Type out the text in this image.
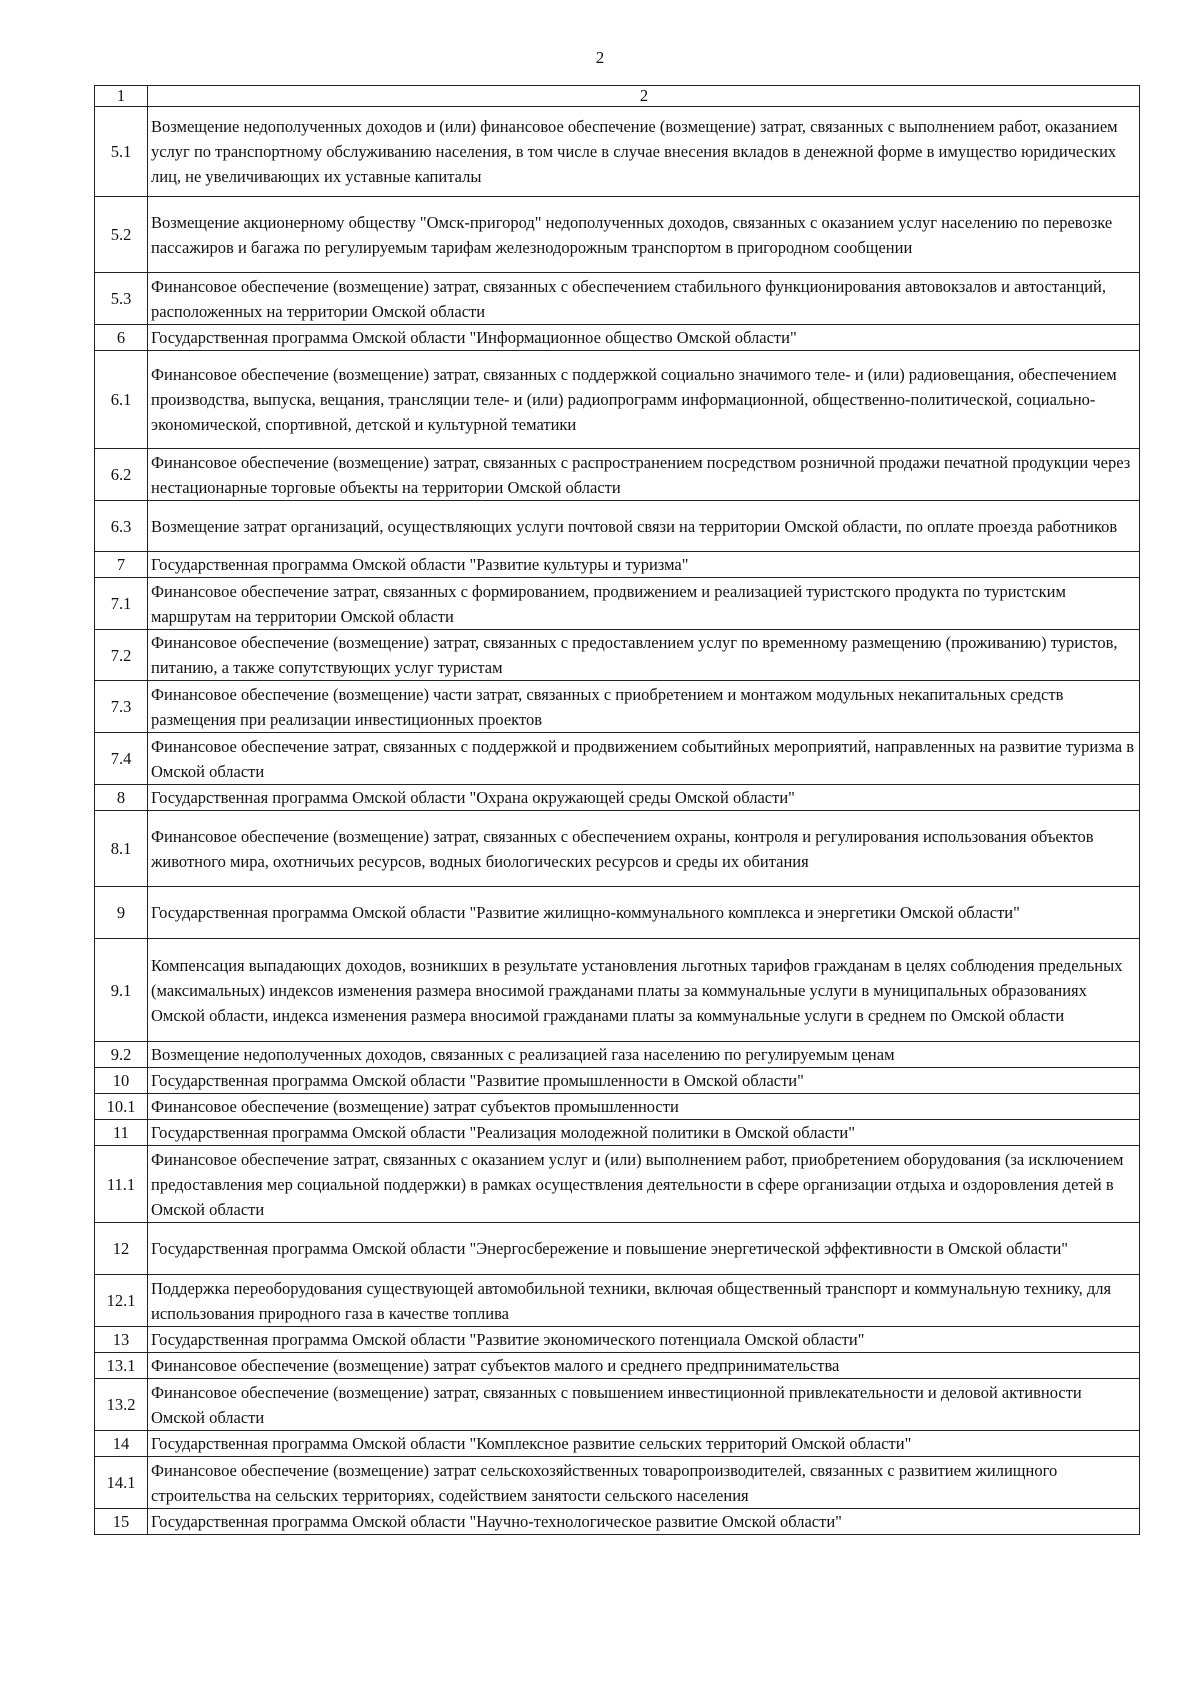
2
1	2
5.1	Возмещение недополученных доходов и (или) финансовое обеспечение (возмещение) затрат, связанных с выполнением работ, оказанием услуг по транспортному обслуживанию населения, в том числе в случае внесения вкладов в денежной форме в имущество юридических лиц, не увеличивающих их уставные капиталы
5.2	Возмещение акционерному обществу "Омск-пригород" недополученных доходов, связанных с оказанием услуг населению по перевозке пассажиров и багажа по регулируемым тарифам железнодорожным транспортом в пригородном сообщении
5.3	Финансовое обеспечение (возмещение) затрат, связанных с обеспечением стабильного функционирования автовокзалов и автостанций, расположенных на территории Омской области
6	Государственная программа Омской области "Информационное общество Омской области"
6.1	Финансовое обеспечение (возмещение) затрат, связанных с поддержкой социально значимого теле- и (или) радиовещания, обеспечением производства, выпуска, вещания, трансляции теле- и (или) радиопрограмм информационной, общественно-политической, социально-экономической, спортивной, детской и культурной тематики
6.2	Финансовое обеспечение (возмещение) затрат, связанных с распространением посредством розничной продажи печатной продукции через нестационарные торговые объекты на территории Омской области
6.3	Возмещение затрат организаций, осуществляющих услуги почтовой связи на территории Омской области, по оплате проезда работников
7	Государственная программа Омской области "Развитие культуры и туризма"
7.1	Финансовое обеспечение затрат, связанных с формированием, продвижением и реализацией туристского продукта по туристским маршрутам на территории Омской области
7.2	Финансовое обеспечение (возмещение) затрат, связанных с предоставлением услуг по временному размещению (проживанию) туристов, питанию, а также сопутствующих услуг туристам
7.3	Финансовое обеспечение (возмещение) части затрат, связанных с приобретением и монтажом модульных некапитальных средств размещения при реализации инвестиционных проектов
7.4	Финансовое обеспечение затрат, связанных с поддержкой и продвижением событийных мероприятий, направленных на развитие туризма в Омской области
8	Государственная программа Омской области "Охрана окружающей среды Омской области"
8.1	Финансовое обеспечение (возмещение) затрат, связанных с обеспечением охраны, контроля и регулирования использования объектов животного мира, охотничьих ресурсов, водных биологических ресурсов и среды их обитания
9	Государственная программа Омской области "Развитие жилищно-коммунального комплекса и энергетики Омской области"
9.1	Компенсация выпадающих доходов, возникших в результате установления льготных тарифов гражданам в целях соблюдения предельных (максимальных) индексов изменения размера вносимой гражданами платы за коммунальные услуги в муниципальных образованиях Омской области, индекса изменения размера вносимой гражданами платы за коммунальные услуги в среднем по Омской области
9.2	Возмещение недополученных доходов, связанных с реализацией газа населению по регулируемым ценам
10	Государственная программа Омской области "Развитие промышленности в Омской области"
10.1	Финансовое обеспечение (возмещение) затрат субъектов промышленности
11	Государственная программа Омской области "Реализация молодежной политики в Омской области"
11.1	Финансовое обеспечение затрат, связанных с оказанием услуг и (или) выполнением работ, приобретением оборудования (за исключением предоставления мер социальной поддержки) в рамках осуществления деятельности в сфере организации отдыха и оздоровления детей в Омской области
12	Государственная программа Омской области "Энергосбережение и повышение энергетической эффективности в Омской области"
12.1	Поддержка переоборудования существующей автомобильной техники, включая общественный транспорт и коммунальную технику, для использования природного газа в качестве топлива
13	Государственная программа Омской области "Развитие экономического потенциала Омской области"
13.1	Финансовое обеспечение (возмещение) затрат субъектов малого и среднего предпринимательства
13.2	Финансовое обеспечение (возмещение) затрат, связанных с повышением инвестиционной привлекательности и деловой активности Омской области
14	Государственная программа Омской области "Комплексное развитие сельских территорий Омской области"
14.1	Финансовое обеспечение (возмещение) затрат сельскохозяйственных товаропроизводителей, связанных с развитием жилищного строительства на сельских территориях, содействием занятости сельского населения
15	Государственная программа Омской области "Научно-технологическое развитие Омской области"
